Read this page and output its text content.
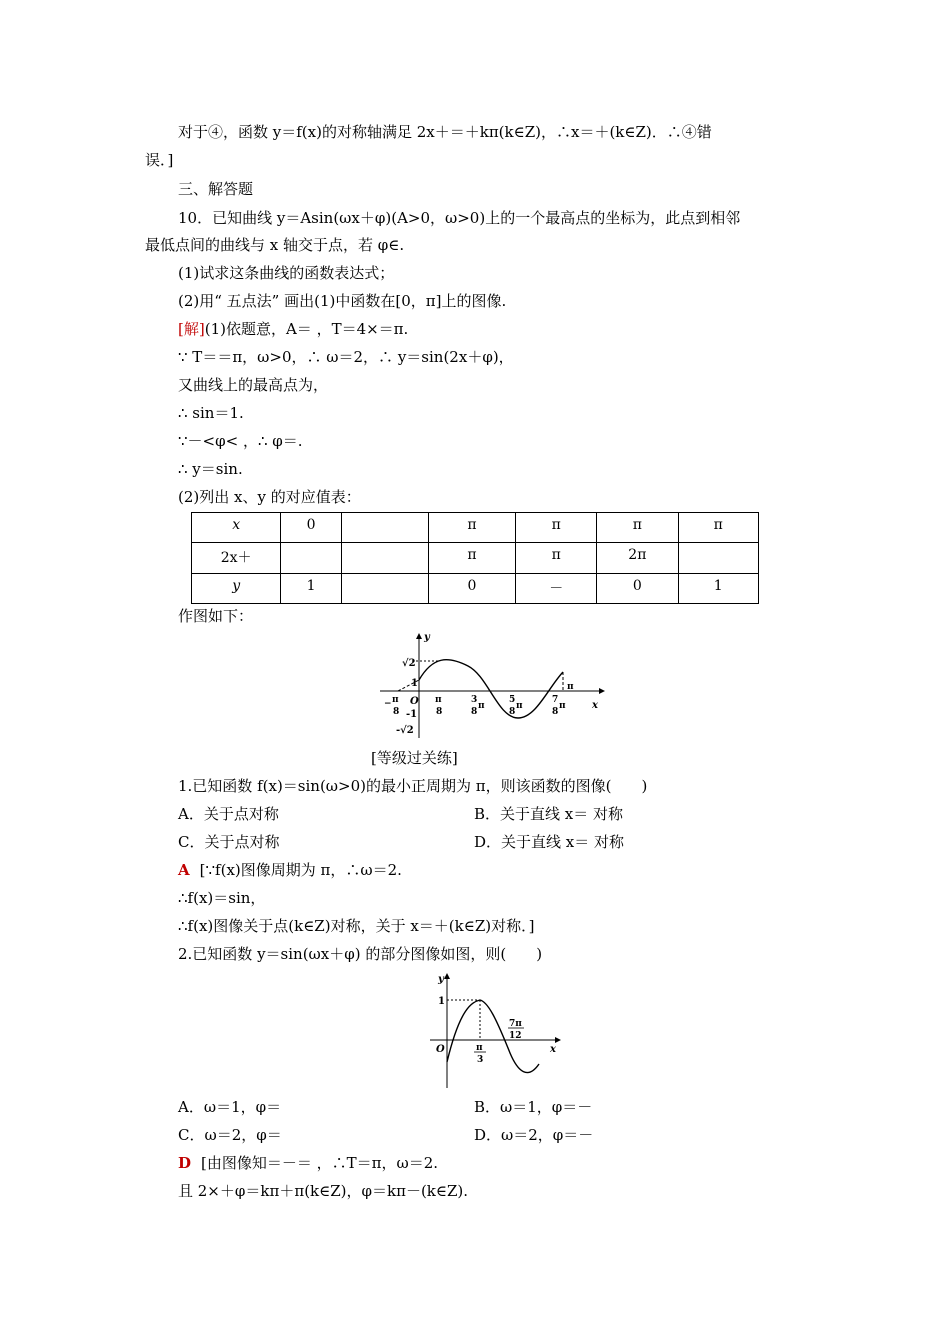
对于④，函数 y＝f(x)的对称轴满足 2x＋＝＋kπ(k∈Z)，∴x＝＋(k∈Z)．∴④错
误．]
三、解答题
10．已知曲线 y＝Asin(ωx＋φ)(A>0，ω>0)上的一个最高点的坐标为，此点到相邻
最低点间的曲线与 x 轴交于点，若 φ∈.
(1)试求这条曲线的函数表达式；
(2)用“ 五点法” 画出(1)中函数在[0，π]上的图像.
[解](1)依题意，A＝ ，T＝4×＝π.
∵ T＝＝π，ω>0，∴ ω＝2，∴ y＝sin(2x＋φ)，
又曲线上的最高点为，
∴ sin＝1.
∵－<φ< ，∴ φ＝.
∴ y＝sin.
(2)列出 x、y 的对应值表：
x	0		π	π	π	π
2x＋			π	π	2π	
y	1		0	－	0	1
作图如下：
y
x
√2
1
O
-1
-√2
− π
8
π
8
3
π
8
5
π
8
7
π
8
π
[等级过关练]
1.已知函数 f(x)＝sin(ω>0)的最小正周期为 π，则该函数的图像(　　)
A．关于点对称	B．关于直线 x＝ 对称
C．关于点对称	D．关于直线 x＝ 对称
A [∵f(x)图像周期为 π，∴ω＝2.
∴f(x)＝sin，
∴f(x)图像关于点(k∈Z)对称，关于 x＝＋(k∈Z)对称．]
2.已知函数 y＝sin(ωx＋φ) 的部分图像如图，则(　　)
y
x
1
O	π
3
7π
12
A．ω＝1，φ＝	B．ω＝1，φ＝－
C．ω＝2，φ＝	D．ω＝2，φ＝－
D [由图像知＝－＝ ，∴T＝π，ω＝2.
且 2×＋φ＝kπ＋π(k∈Z)，φ＝kπ－(k∈Z).
